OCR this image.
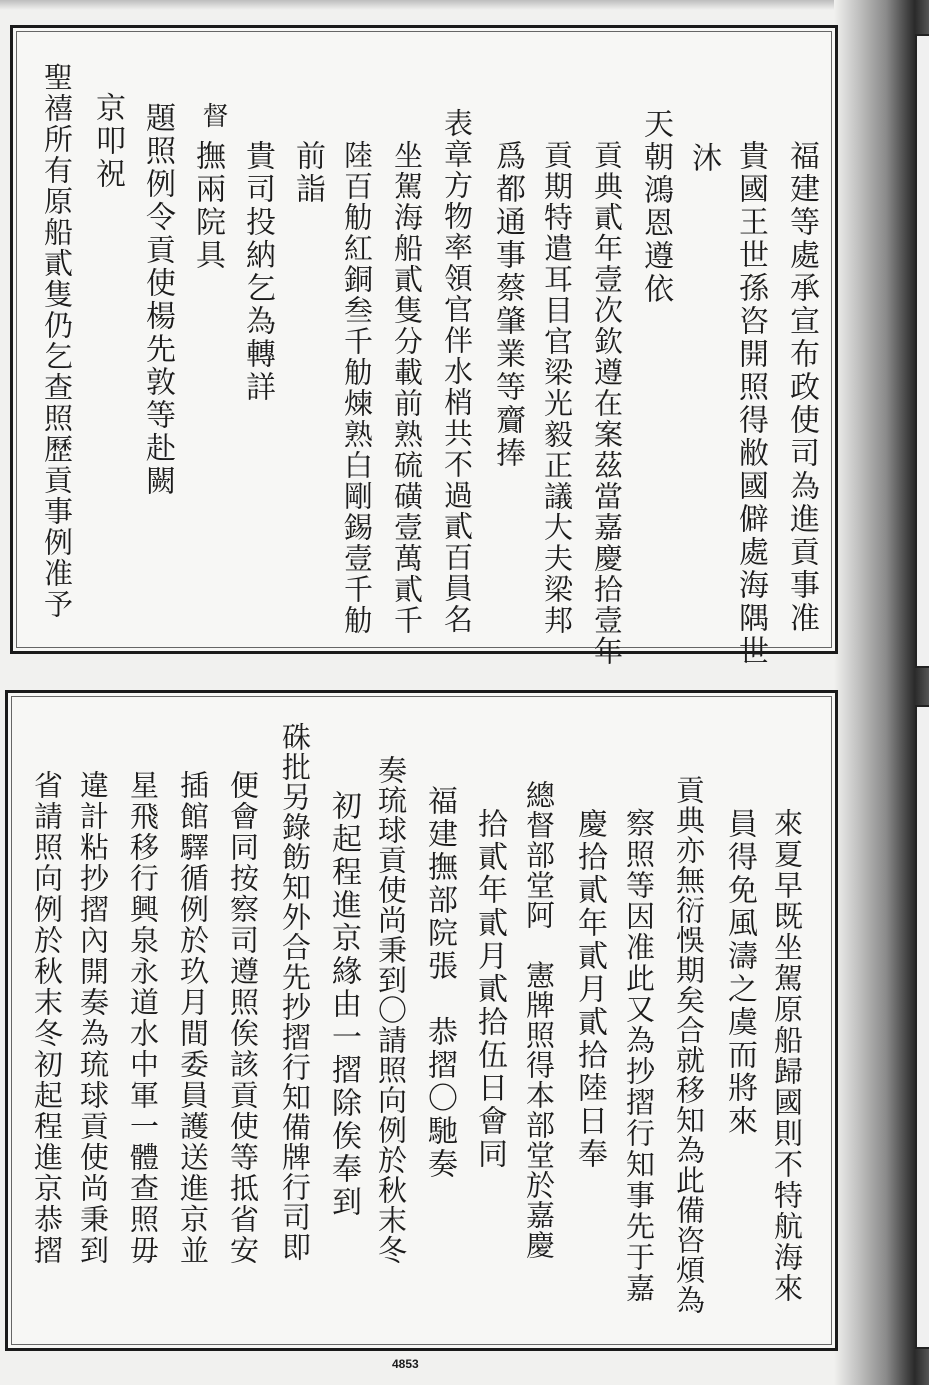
福建等處承宣布政使司為進貢事准
貴國王世孫咨開照得敝國僻處海隅世
沐
天朝鴻恩遵依
貢典貳年壹次欽遵在案茲當嘉慶拾壹年
貢期特遣耳目官梁光毅正議大夫梁邦
爲都通事蔡肇業等齎捧
表章方物率領官伴水梢共不過貳百員名
坐駕海船貳隻分載前熟硫磺壹萬貳千
陸百觔紅銅叁千觔煉熟白剛錫壹千觔
前詣
貴司投納乞為轉詳
督
撫兩院具
題照例令貢使楊先敦等赴闕
京叩祝
聖禧所有原船貳隻仍乞查照歷貢事例准予
來夏早既坐駕原船歸國則不特航海來
員得免風濤之虞而將來
貢典亦無衍悞期矣合就移知為此備咨煩為
察照等因准此又為抄摺行知事先于嘉
慶拾貳年貳月貳拾陸日奉
總督部堂阿　憲牌照得本部堂於嘉慶
拾貳年貳月貳拾伍日會同
福建撫部院張　恭摺〇馳奏
奏琉球貢使尚秉到〇請照向例於秋末冬
初起程進京緣由一摺除俟奉到
硃批另錄飭知外合先抄摺行知備牌行司即
便會同按察司遵照俟該貢使等抵省安
插館驛循例於玖月間委員護送進京並
星飛移行興泉永道水中軍一體查照毋
違計粘抄摺內開奏為琉球貢使尚秉到
省請照向例於秋末冬初起程進京恭摺
4853
